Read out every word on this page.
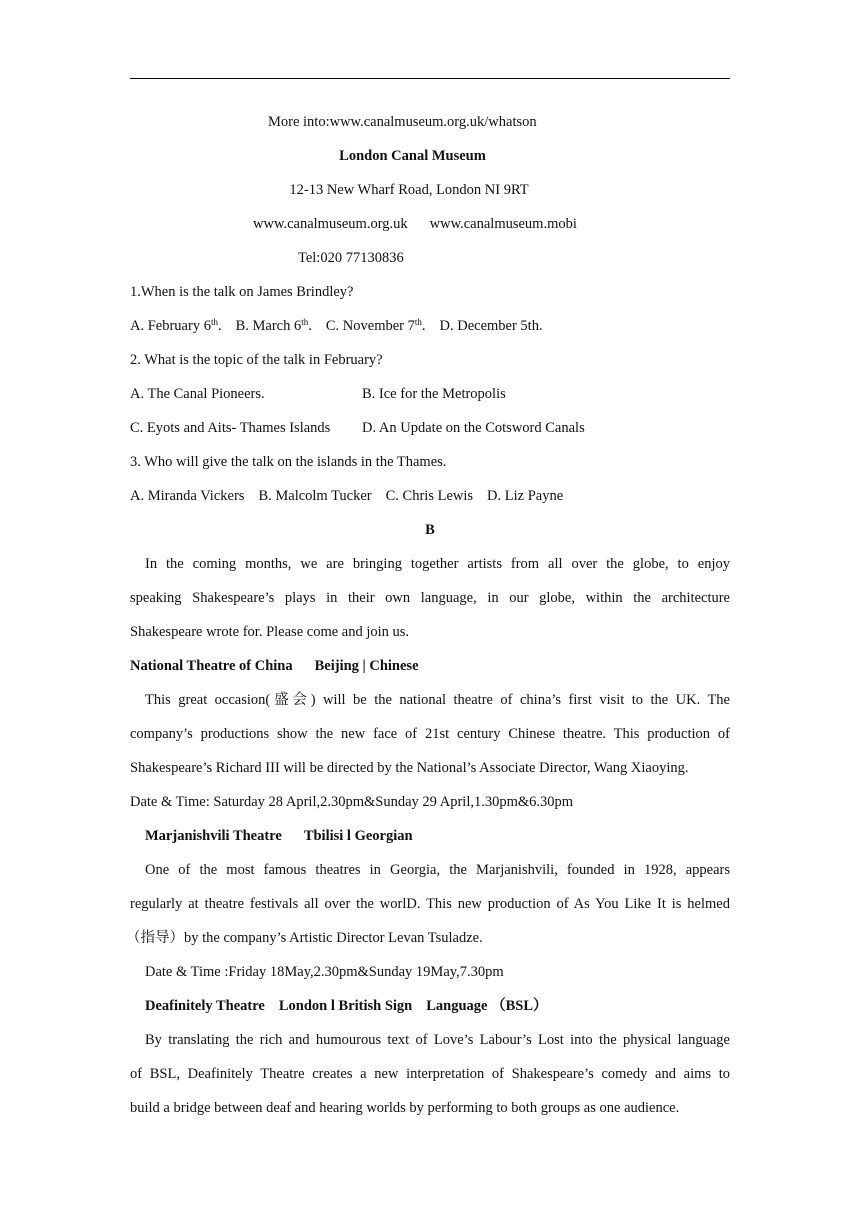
More into:www.canalmuseum.org.uk/whatson
London Canal Museum
12-13 New Wharf Road, London NI 9RT
www.canalmuseum.org.uk www.canalmuseum.mobi
Tel:020 77130836
1.When is the talk on James Brindley?
A. February 6th. B. March 6th. C. November 7th. D. December 5th.
2. What is the topic of the talk in February?
A. The Canal Pioneers.	B. Ice for the Metropolis
C. Eyots and Aits- Thames Islands D. An Update on the Cotsword Canals
3. Who will give the talk on the islands in the Thames.
A. Miranda Vickers B. Malcolm Tucker C. Chris Lewis D. Liz Payne
B
In the coming months, we are bringing together artists from all over the globe, to enjoy
speaking Shakespeare’s plays in their own language, in our globe, within the architecture
Shakespeare wrote for. Please come and join us.
National Theatre of China Beijing | Chinese
This great occasion(盛会) will be the national theatre of china’s first visit to the UK. The
company’s productions show the new face of 21st century Chinese theatre. This production of
Shakespeare’s Richard III will be directed by the National’s Associate Director, Wang Xiaoying.
Date & Time: Saturday 28 April,2.30pm&Sunday 29 April,1.30pm&6.30pm
Marjanishvili Theatre Tbilisi l Georgian
One of the most famous theatres in Georgia, the Marjanishvili, founded in 1928, appears
regularly at theatre festivals all over the worlD. This new production of As You Like It is helmed
（指导）by the company’s Artistic Director Levan Tsuladze.
Date & Time :Friday 18May,2.30pm&Sunday 19May,7.30pm
Deafinitely Theatre London l British Sign Language （BSL）
By translating the rich and humourous text of Love’s Labour’s Lost into the physical language
of BSL, Deafinitely Theatre creates a new interpretation of Shakespeare’s comedy and aims to
build a bridge between deaf and hearing worlds by performing to both groups as one audience.
